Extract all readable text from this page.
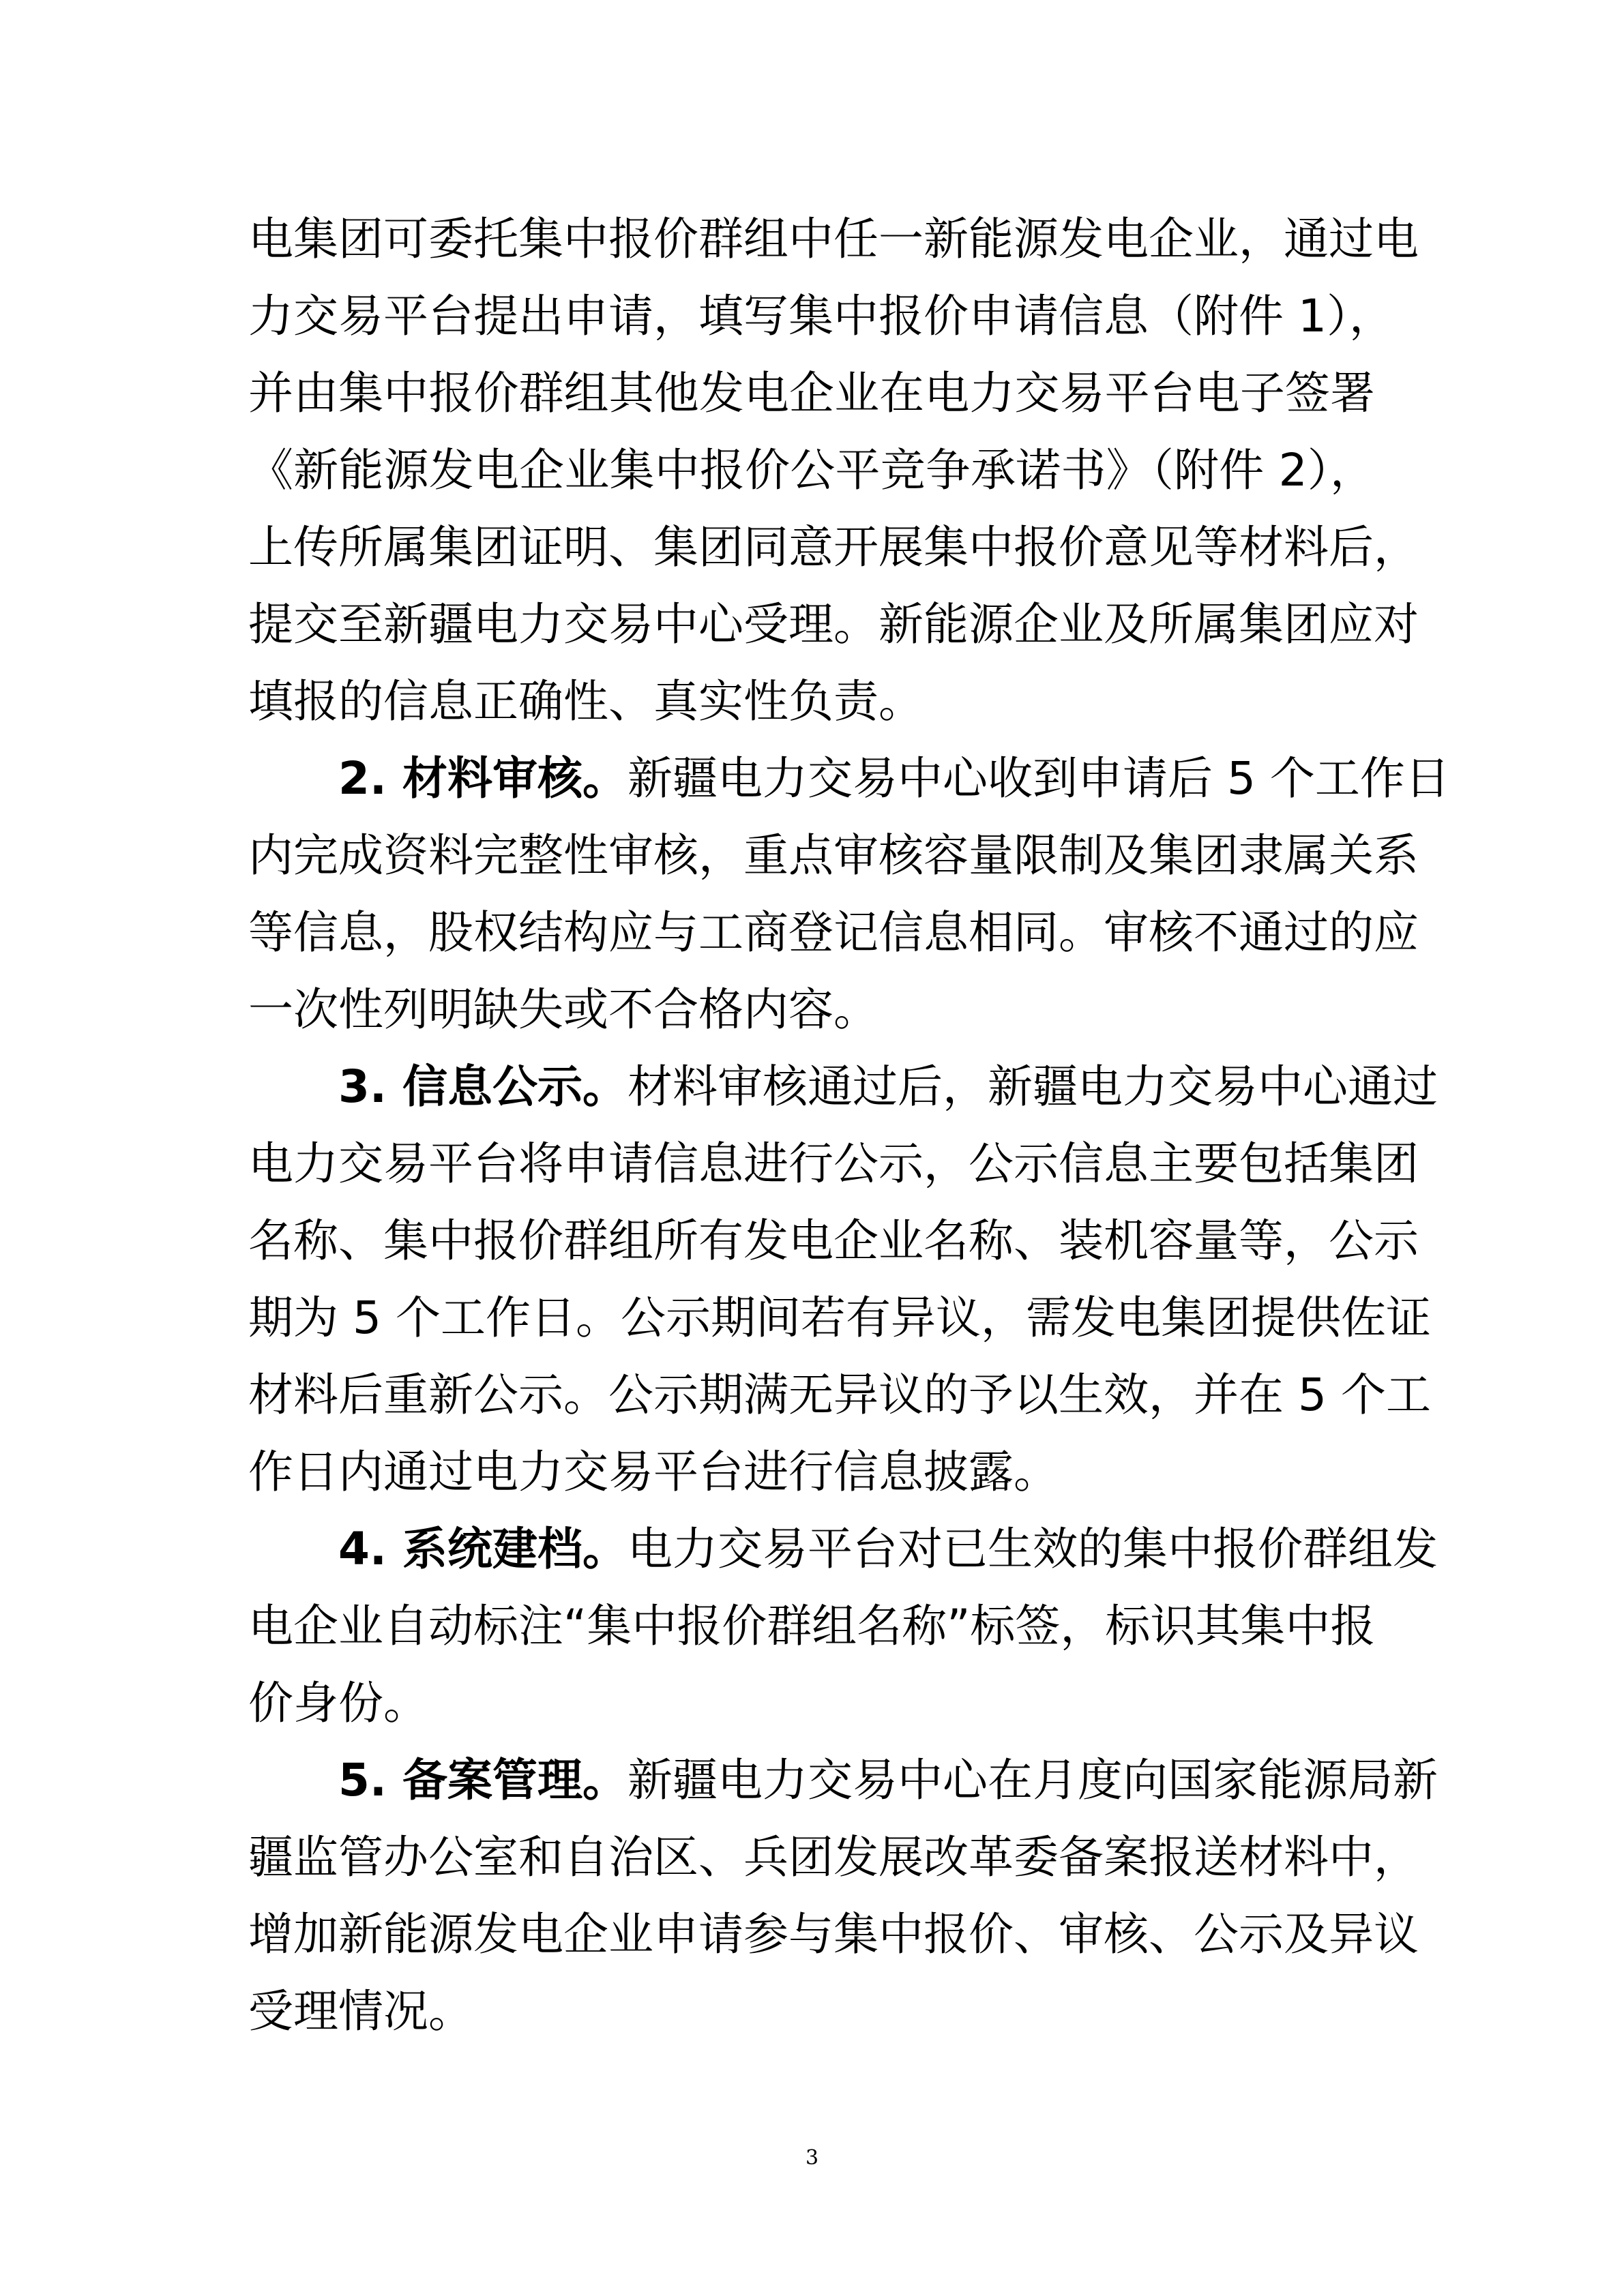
电集团可委托集中报价群组中任一新能源发电企业，通过电
力交易平台提出申请，填写集中报价申请信息（附件 1），
并由集中报价群组其他发电企业在电力交易平台电子签署
《新能源发电企业集中报价公平竞争承诺书》（附件 2），
上传所属集团证明、集团同意开展集中报价意见等材料后，
提交至新疆电力交易中心受理。新能源企业及所属集团应对
填报的信息正确性、真实性负责。
2. 材料审核。新疆电力交易中心收到申请后 5 个工作日
内完成资料完整性审核，重点审核容量限制及集团隶属关系
等信息，股权结构应与工商登记信息相同。审核不通过的应
一次性列明缺失或不合格内容。
3. 信息公示。材料审核通过后，新疆电力交易中心通过
电力交易平台将申请信息进行公示，公示信息主要包括集团
名称、集中报价群组所有发电企业名称、装机容量等，公示
期为 5 个工作日。公示期间若有异议，需发电集团提供佐证
材料后重新公示。公示期满无异议的予以生效，并在 5 个工
作日内通过电力交易平台进行信息披露。
4. 系统建档。电力交易平台对已生效的集中报价群组发
电企业自动标注“集中报价群组名称”标签，标识其集中报
价身份。
5. 备案管理。新疆电力交易中心在月度向国家能源局新
疆监管办公室和自治区、兵团发展改革委备案报送材料中，
增加新能源发电企业申请参与集中报价、审核、公示及异议
受理情况。
3
